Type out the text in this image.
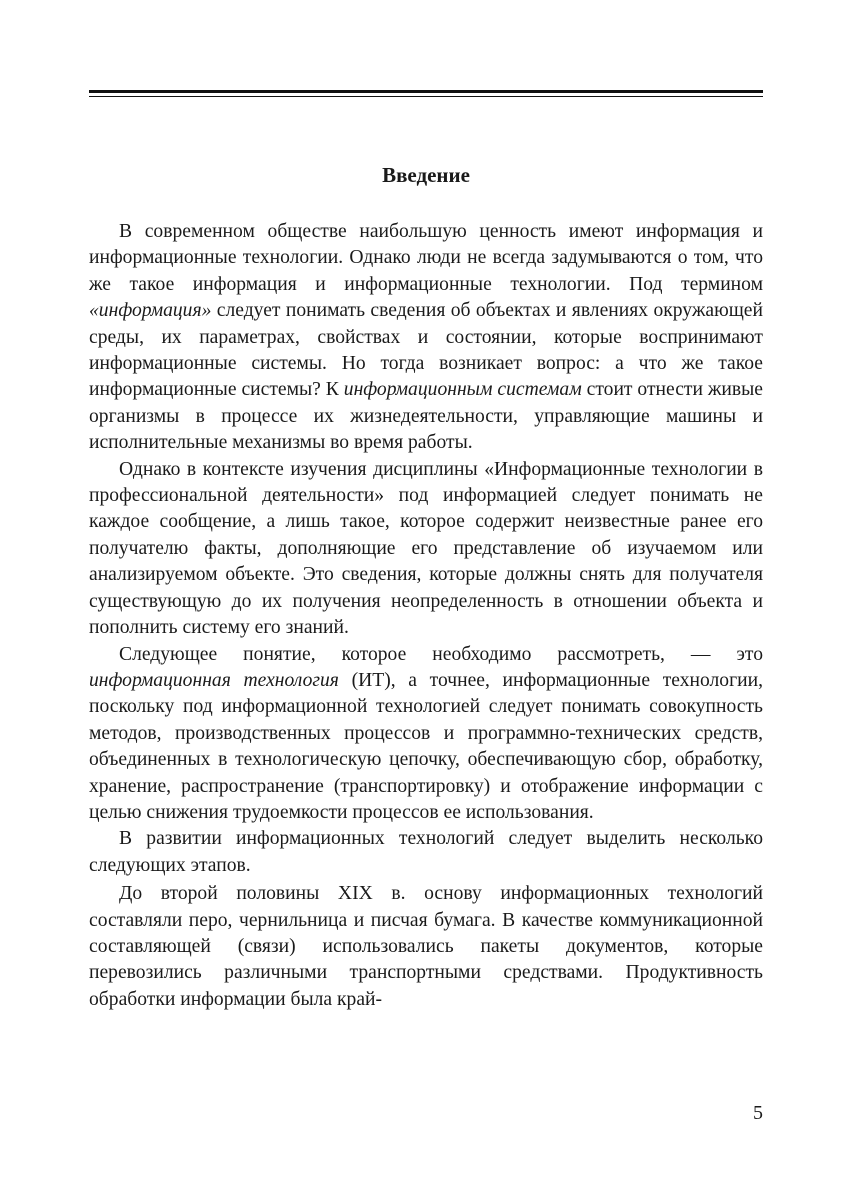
Введение

В современном обществе наибольшую ценность имеют информация и информационные технологии. Однако люди не всегда задумываются о том, что же такое информация и информационные технологии. Под термином «информация» следует понимать сведения об объектах и явлениях окружающей среды, их параметрах, свойствах и состоянии, которые воспринимают информационные системы. Но тогда возникает вопрос: а что же такое информационные системы? К информационным системам стоит отнести живые организмы в процессе их жизнедеятельности, управляющие машины и исполнительные механизмы во время работы.

Однако в контексте изучения дисциплины «Информационные технологии в профессиональной деятельности» под информацией следует понимать не каждое сообщение, а лишь такое, которое содержит неизвестные ранее его получателю факты, дополняющие его представление об изучаемом или анализируемом объекте. Это сведения, которые должны снять для получателя существующую до их получения неопределенность в отношении объекта и пополнить систему его знаний.

Следующее понятие, которое необходимо рассмотреть, — это информационная технология (ИТ), а точнее, информационные технологии, поскольку под информационной технологией следует понимать совокупность методов, производственных процессов и программно-технических средств, объединенных в технологическую цепочку, обеспечивающую сбор, обработку, хранение, распространение (транспортировку) и отображение информации с целью снижения трудоемкости процессов ее использования.

В развитии информационных технологий следует выделить несколько следующих этапов.

До второй половины XIX в. основу информационных технологий составляли перо, чернильница и писчая бумага. В качестве коммуникационной составляющей (связи) использовались пакеты документов, которые перевозились различными транспортными средствами. Продуктивность обработки информации была край-

5
